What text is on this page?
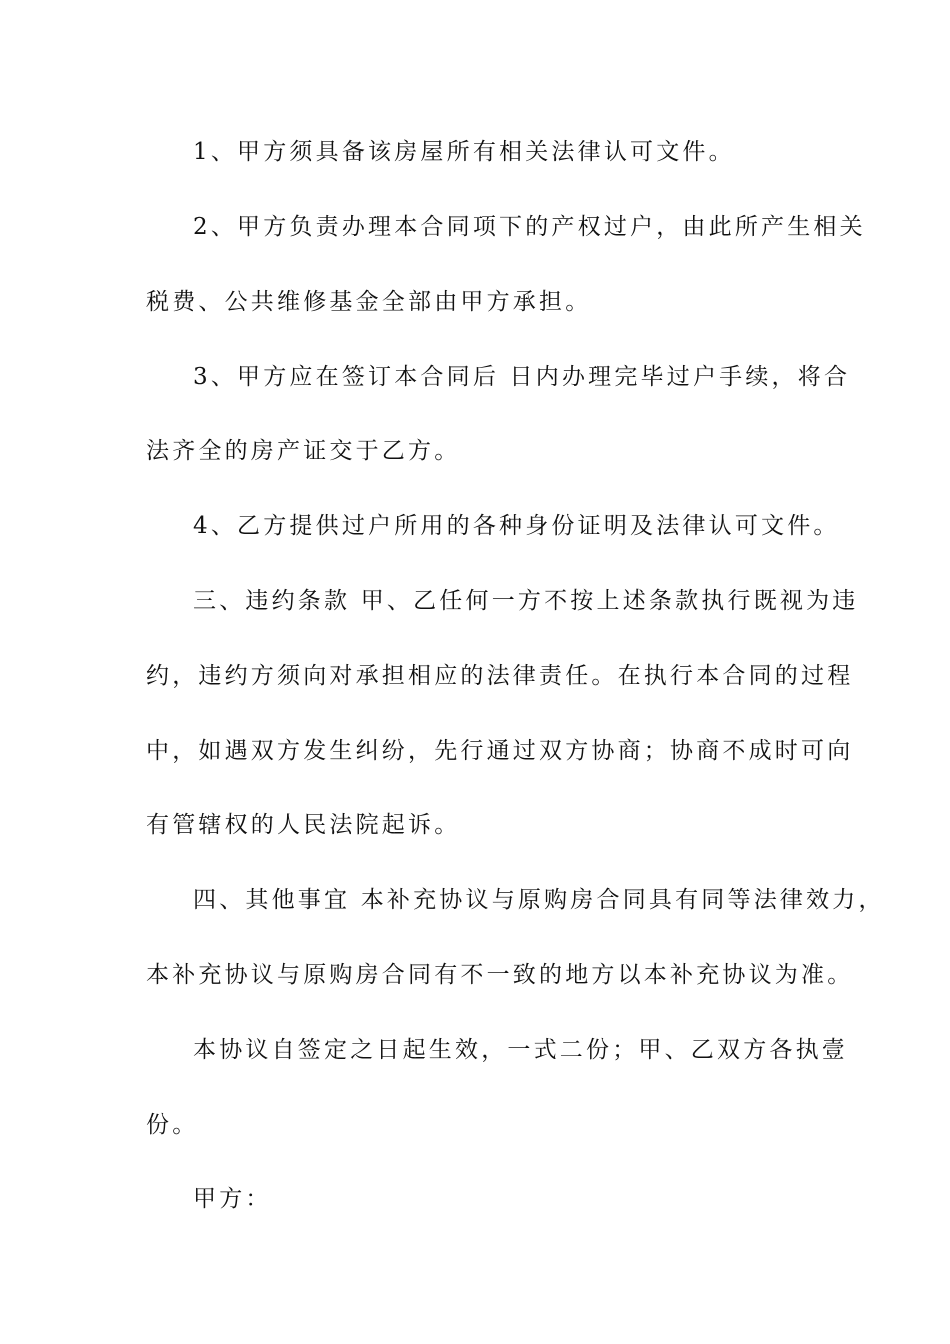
1、甲方须具备该房屋所有相关法律认可文件。
2、甲方负责办理本合同项下的产权过户，由此所产生相关
税费、公共维修基金全部由甲方承担。
3、甲方应在签订本合同后 日内办理完毕过户手续，将合
法齐全的房产证交于乙方。
4、乙方提供过户所用的各种身份证明及法律认可文件。
三、违约条款 甲、乙任何一方不按上述条款执行既视为违
约，违约方须向对承担相应的法律责任。在执行本合同的过程
中，如遇双方发生纠纷，先行通过双方协商；协商不成时可向
有管辖权的人民法院起诉。
四、其他事宜 本补充协议与原购房合同具有同等法律效力，
本补充协议与原购房合同有不一致的地方以本补充协议为准。
本协议自签定之日起生效，一式二份；甲、乙双方各执壹
份。
甲方：
